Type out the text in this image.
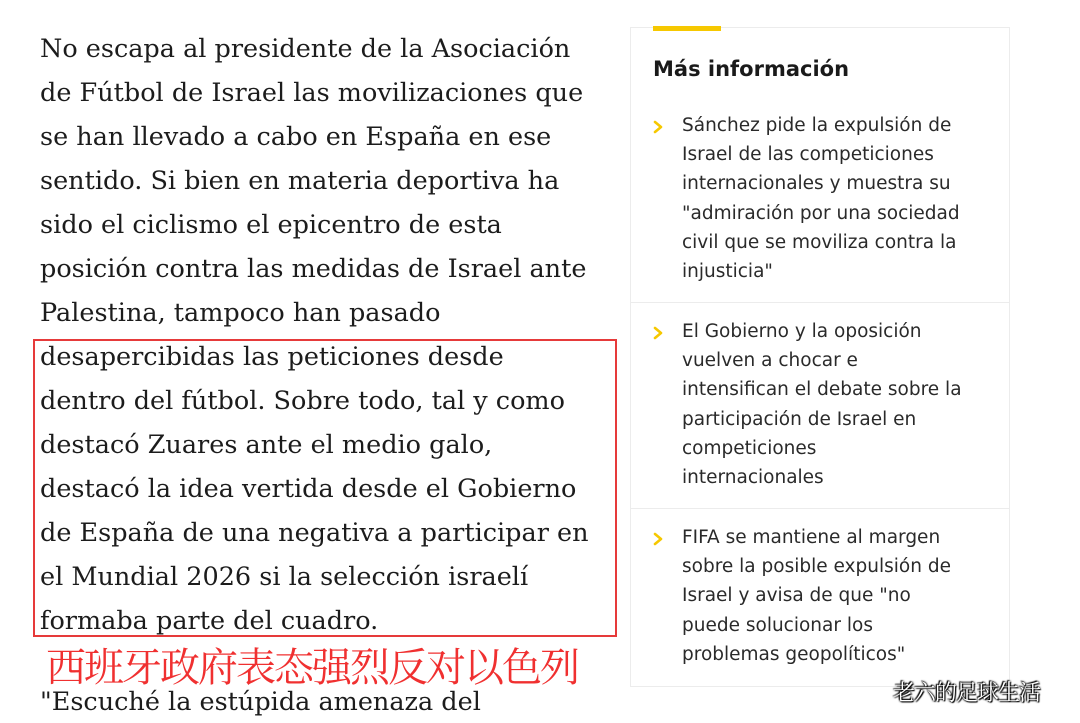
No escapa al presidente de la Asociación
de Fútbol de Israel las movilizaciones que
se han llevado a cabo en España en ese
sentido. Si bien en materia deportiva ha
sido el ciclismo el epicentro de esta
posición contra las medidas de Israel ante
Palestina, tampoco han pasado
desapercibidas las peticiones desde
dentro del fútbol. Sobre todo, tal y como
destacó Zuares ante el medio galo,
destacó la idea vertida desde el Gobierno
de España de una negativa a participar en
el Mundial 2026 si la selección israelí
formaba parte del cuadro.
西班牙政府表态强烈反对以色列
"Escuché la estúpida amenaza del
Más información
Sánchez pide la expulsión de
Israel de las competiciones
internacionales y muestra su
"admiración por una sociedad
civil que se moviliza contra la
injusticia"
El Gobierno y la oposición
vuelven a chocar e
intensifican el debate sobre la
participación de Israel en
competiciones
internacionales
FIFA se mantiene al margen
sobre la posible expulsión de
Israel y avisa de que "no
puede solucionar los
problemas geopolíticos"
老六的足球生活
